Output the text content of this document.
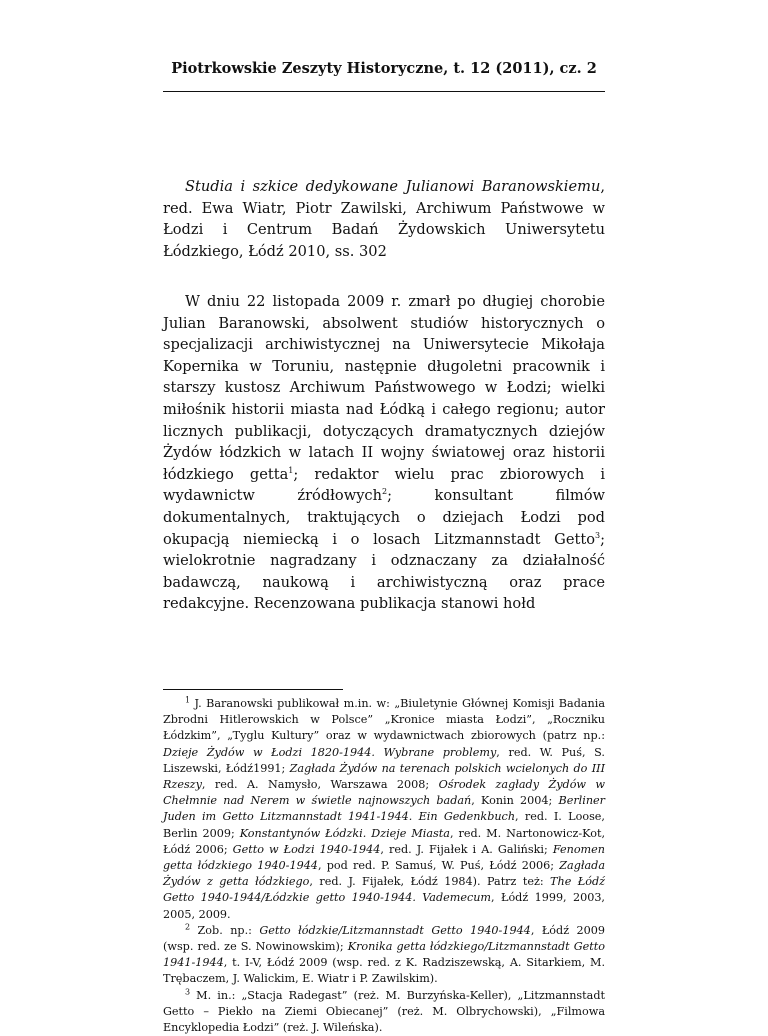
Piotrkowskie Zeszyty Historyczne, t. 12 (2011), cz. 2
Studia i szkice dedykowane Julianowi Baranowskiemu, red. Ewa Wiatr, Piotr Zawilski, Archiwum Państwowe w Łodzi i Centrum Badań Żydowskich Uniwersytetu Łódzkiego, Łódź 2010, ss. 302
W dniu 22 listopada 2009 r. zmarł po długiej chorobie Julian Baranowski, absolwent studiów historycznych o specjalizacji archiwistycznej na Uniwersytecie Mikołaja Kopernika w Toruniu, następnie długoletni pracownik i starszy kustosz Archiwum Państwowego w Łodzi; wielki miłośnik historii miasta nad Łódką i całego regionu; autor licznych publikacji, dotyczących dramatycznych dziejów Żydów łódzkich w latach II wojny światowej oraz historii łódzkiego getta$^1$; redaktor wielu prac zbiorowych i wydawnictw źródłowych$^2$; konsultant filmów dokumentalnych, traktujących o dziejach Łodzi pod okupacją niemiecką i o losach Litzmannstadt Getto$^3$; wielokrotnie nagradzany i odznaczany za działalność badawczą, naukową i archiwistyczną oraz prace redakcyjne. Recenzowana publikacja stanowi hołd

$^1$ J. Baranowski publikował m.in. w: „Biuletynie Głównej Komisji Badania Zbrodni Hitlerowskich w Polsce” „Kronice miasta Łodzi”, „Roczniku Łódzkim”, „Tyglu Kultury” oraz w wydawnictwach zbiorowych (patrz np.: Dzieje Żydów w Łodzi 1820-1944. Wybrane problemy, red. W. Puś, S. Liszewski, Łódź1991; Zagłada Żydów na terenach polskich wcielonych do III Rzeszy, red. A. Namysło, Warszawa 2008; Ośrodek zagłady Żydów w Chełmnie nad Nerem w świetle najnowszych badań, Konin 2004; Berliner Juden im Getto Litzmannstadt 1941-1944. Ein Gedenkbuch, red. I. Loose, Berlin 2009; Konstantynów Łódzki. Dzieje Miasta, red. M. Nartonowicz-Kot, Łódź 2006; Getto w Łodzi 1940-1944, red. J. Fijałek i A. Galiński; Fenomen getta łódzkiego 1940-1944, pod red. P. Samuś, W. Puś, Łódź 2006; Zagłada Żydów z getta łódzkiego, red. J. Fijałek, Łódź 1984). Patrz też: The Łódź Getto 1940-1944/Łódzkie getto 1940-1944. Vademecum, Łódź 1999, 2003, 2005, 2009.

$^2$ Zob. np.: Getto łódzkie/Litzmannstadt Getto 1940-1944, Łódź 2009 (wsp. red. ze S. Nowinowskim); Kronika getta łódzkiego/Litzmannstadt Getto 1941-1944, t. I-V, Łódź 2009 (wsp. red. z K. Radziszewską, A. Sitarkiem, M. Trębaczem, J. Walickim, E. Wiatr i P. Zawilskim).

$^3$ M. in.: „Stacja Radegast” (reż. M. Burzyńska-Keller), „Litzmannstadt Getto – Piekło na Ziemi Obiecanej” (reż. M. Olbrychowski), „Filmowa Encyklopedia Łodzi” (reż. J. Wileńska).
